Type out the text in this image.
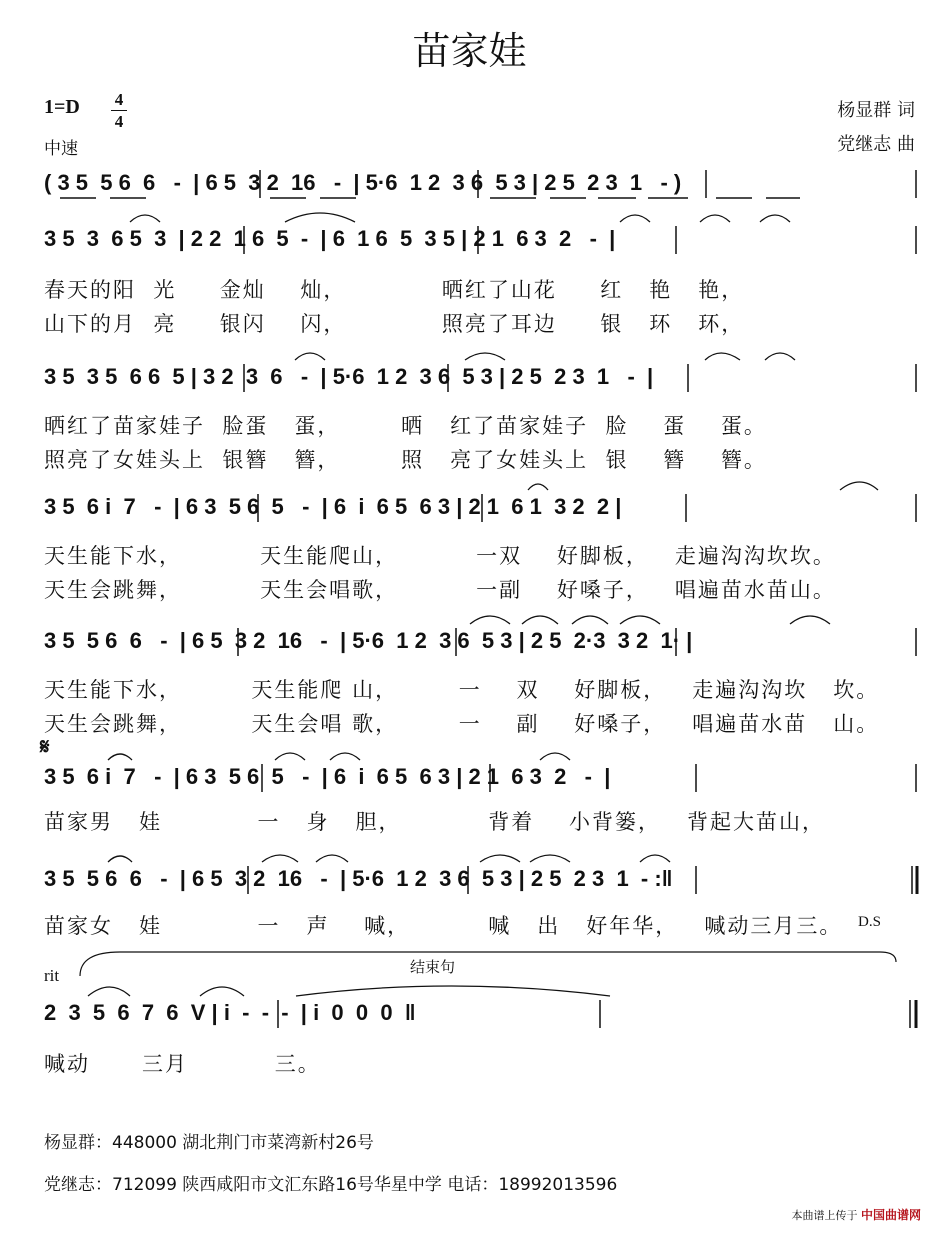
苗家娃
1=D 4
4
中速
杨显群 词
党继志 曲
( 3 5  5 6  6   -  | 6 5  3 2  16   -  | 5·6  1 2  3 6  5 3 | 2 5  2 3  1   - )
3 5  3  6 5  3  | 2 2  1 6  5  -  | 6  1 6  5  3 5 | 2 1  6 3  2   -  |
春天的阳  光     金灿    灿，           晒红了山花     红   艳   艳，
山下的月  亮     银闪    闪，           照亮了耳边     银   环   环，
3 5  3 5  6 6  5 | 3 2  3  6   -  | 5·6  1 2  3 6  5 3 | 2 5  2 3  1   -  |
晒红了苗家娃子  脸蛋   蛋，       晒   红了苗家娃子  脸    蛋    蛋。
照亮了女娃头上  银簪   簪，       照   亮了女娃头上  银    簪    簪。
3 5  6 i  7   -  | 6 3  5 6  5   -  | 6  i  6 5  6 3 | 2 1  6 1  3 2  2 |
天生能下水，         天生能爬山，         一双    好脚板，   走遍沟沟坎坎。
天生会跳舞，         天生会唱歌，         一副    好嗓子，   唱遍苗水苗山。
3 5  5 6  6   -  | 6 5  3 2  16   -  | 5·6  1 2  3 6  5 3 | 2 5  2·3  3 2  1· |
天生能下水，        天生能爬 山，       一    双    好脚板，   走遍沟沟坎   坎。
天生会跳舞，        天生会唱 歌，       一    副    好嗓子，   唱遍苗水苗   山。
𝄋
3 5  6 i  7   -  | 6 3  5 6  5   -  | 6  i  6 5  6 3 | 2 1  6 3  2   -  |
苗家男   娃           一   身   胆，          背着    小背篓，   背起大苗山，
3 5  5 6  6   -  | 6 5  3 2  16   -  | 5·6  1 2  3 6  5 3 | 2 5  2 3  1  - :‖
苗家女   娃           一   声    喊，         喊   出   好年华，   喊动三月三。 D.S
rit	结束句
2  3  5  6  7  6  V | i  -  -  -  | i  0  0  0  ‖
喊动      三月          三。
杨显群：448000 湖北荆门市菜湾新村26号
党继志：712099 陕西咸阳市文汇东路16号华星中学 电话：18992013596
本曲谱上传于 中国曲谱网
